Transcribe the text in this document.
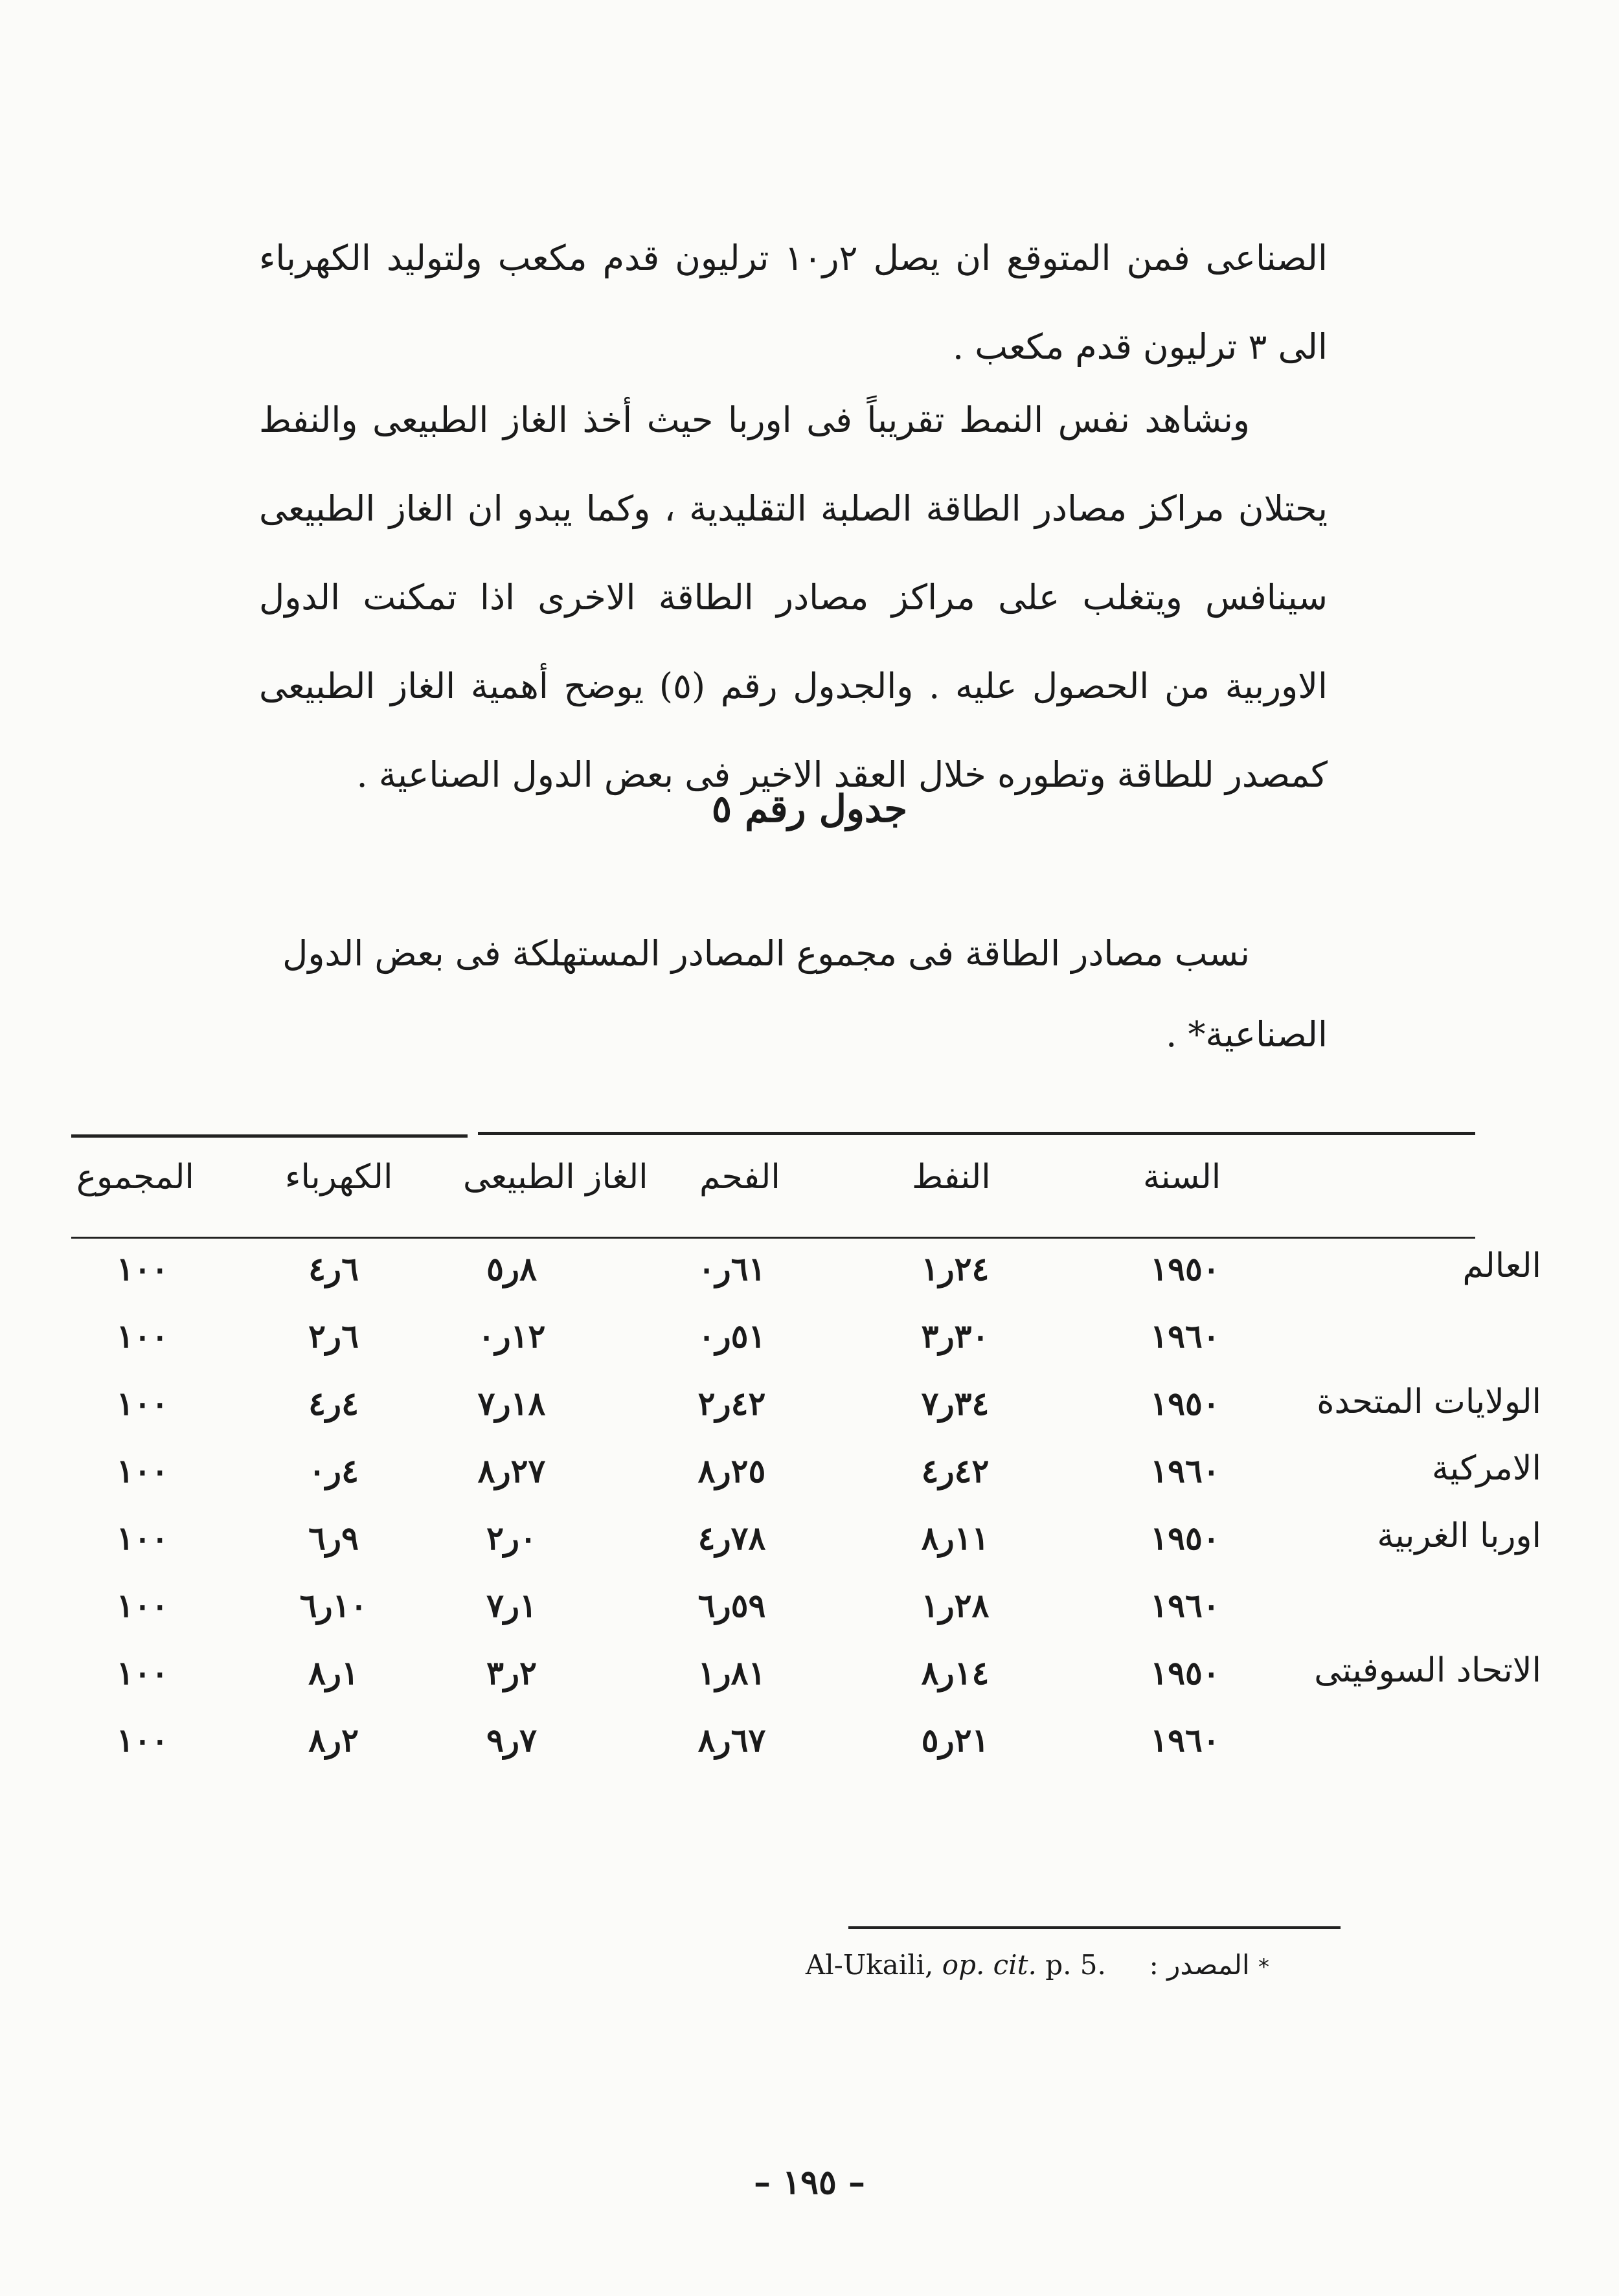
الصناعى فمن المتوقع ان يصل ٢ر١٠ ترليون قدم مكعب ولتوليد الكهرباء الى ٣ ترليون قدم مكعب .
ونشاهد نفس النمط تقريباً فى اوربا حيث أخذ الغاز الطبيعى والنفط يحتلان مراكز مصادر الطاقة الصلبة التقليدية ، وكما يبدو ان الغاز الطبيعى سينافس ويتغلب على مراكز مصادر الطاقة الاخرى اذا تمكنت الدول الاوربية من الحصول عليه . والجدول رقم (٥) يوضح أهمية الغاز الطبيعى كمصدر للطاقة وتطوره خلال العقد الاخير فى بعض الدول الصناعية .
جدول رقم ٥
نسب مصادر الطاقة فى مجموع المصادر المستهلكة فى بعض الدول الصناعية* .
السنة
النفط
الفحم
الغاز الطبيعى
الكهرباء
المجموع
١٩٥٠
٢٤ر١
٦١ر٠
٨ر٥
٦ر٤
١٠٠
١٩٦٠
٣٠ر٣
٥١ر٠
١٢ر٠
٦ر٢
١٠٠
١٩٥٠
٣٤ر٧
٤٢ر٢
١٨ر٧
٤ر٤
١٠٠
١٩٦٠
٤٢ر٤
٢٥ر٨
٢٧ر٨
٤ر٠
١٠٠
١٩٥٠
١١ر٨
٧٨ر٤
٠ر٢
٩ر٦
١٠٠
١٩٦٠
٢٨ر١
٥٩ر٦
١ر٧
١٠ر٦
١٠٠
١٩٥٠
١٤ر٨
٨١ر١
٢ر٣
١ر٨
١٠٠
١٩٦٠
٢١ر٥
٦٧ر٨
٧ر٩
٢ر٨
١٠٠
العالم
الولايات المتحدة
الامركية
اوربا الغربية
الاتحاد السوفيتى
Al-Ukaili, op. cit. p. 5. المصدر : *
– ١٩٥ –
